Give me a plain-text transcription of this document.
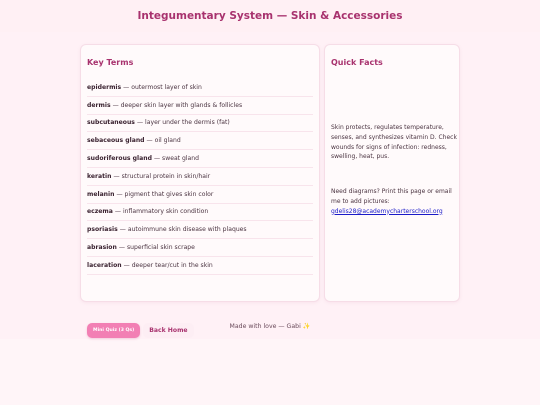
Integumentary System — Skin & Accessories
Key Terms
epidermis — outermost layer of skin
dermis — deeper skin layer with glands & follicles
subcutaneous — layer under the dermis (fat)
sebaceous gland — oil gland
sudoriferous gland — sweat gland
keratin — structural protein in skin/hair
melanin — pigment that gives skin color
eczema — inflammatory skin condition
psoriasis — autoimmune skin disease with plaques
abrasion — superficial skin scrape
laceration — deeper tear/cut in the skin
Mini Quiz (3 Qs)	Back Home
Quick Facts
Skin protects, regulates temperature, senses, and synthesizes vitamin D. Check wounds for signs of infection: redness, swelling, heat, pus.
Need diagrams? Print this page or email me to add pictures: gdelis28@academycharterschool.org
Made with love — Gabi ✨
